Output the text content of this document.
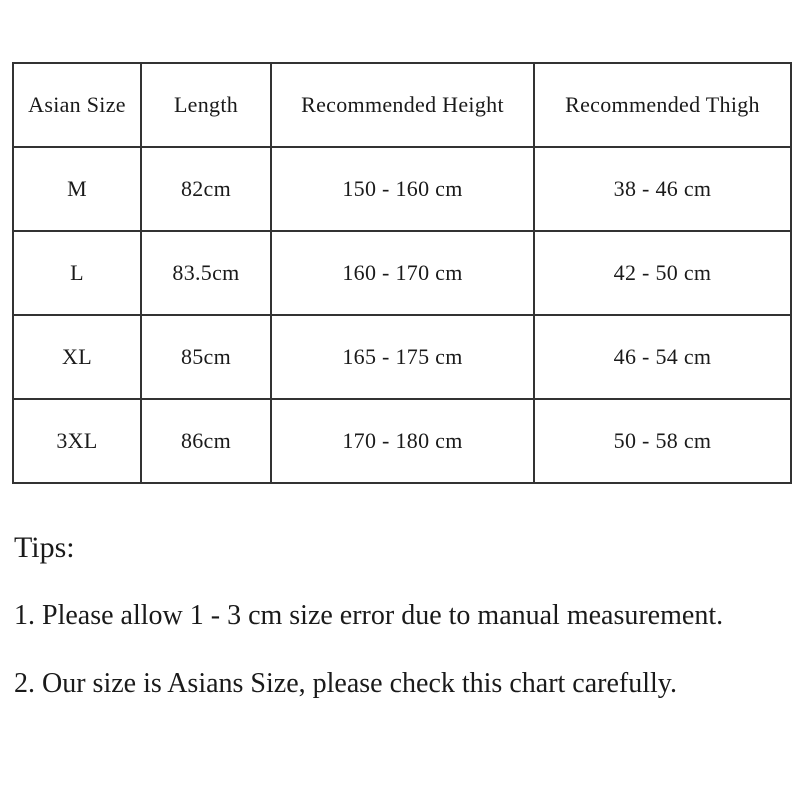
Asian Size	Length	Recommended Height	Recommended Thigh
M	82cm	150 - 160 cm	38 - 46 cm
L	83.5cm	160 - 170 cm	42 - 50 cm
XL	85cm	165 - 175 cm	46 - 54 cm
3XL	86cm	170 - 180 cm	50 - 58 cm
Tips:

1. Please allow 1 - 3 cm size error due to manual measurement.

2. Our size is Asians Size, please check this chart carefully.
